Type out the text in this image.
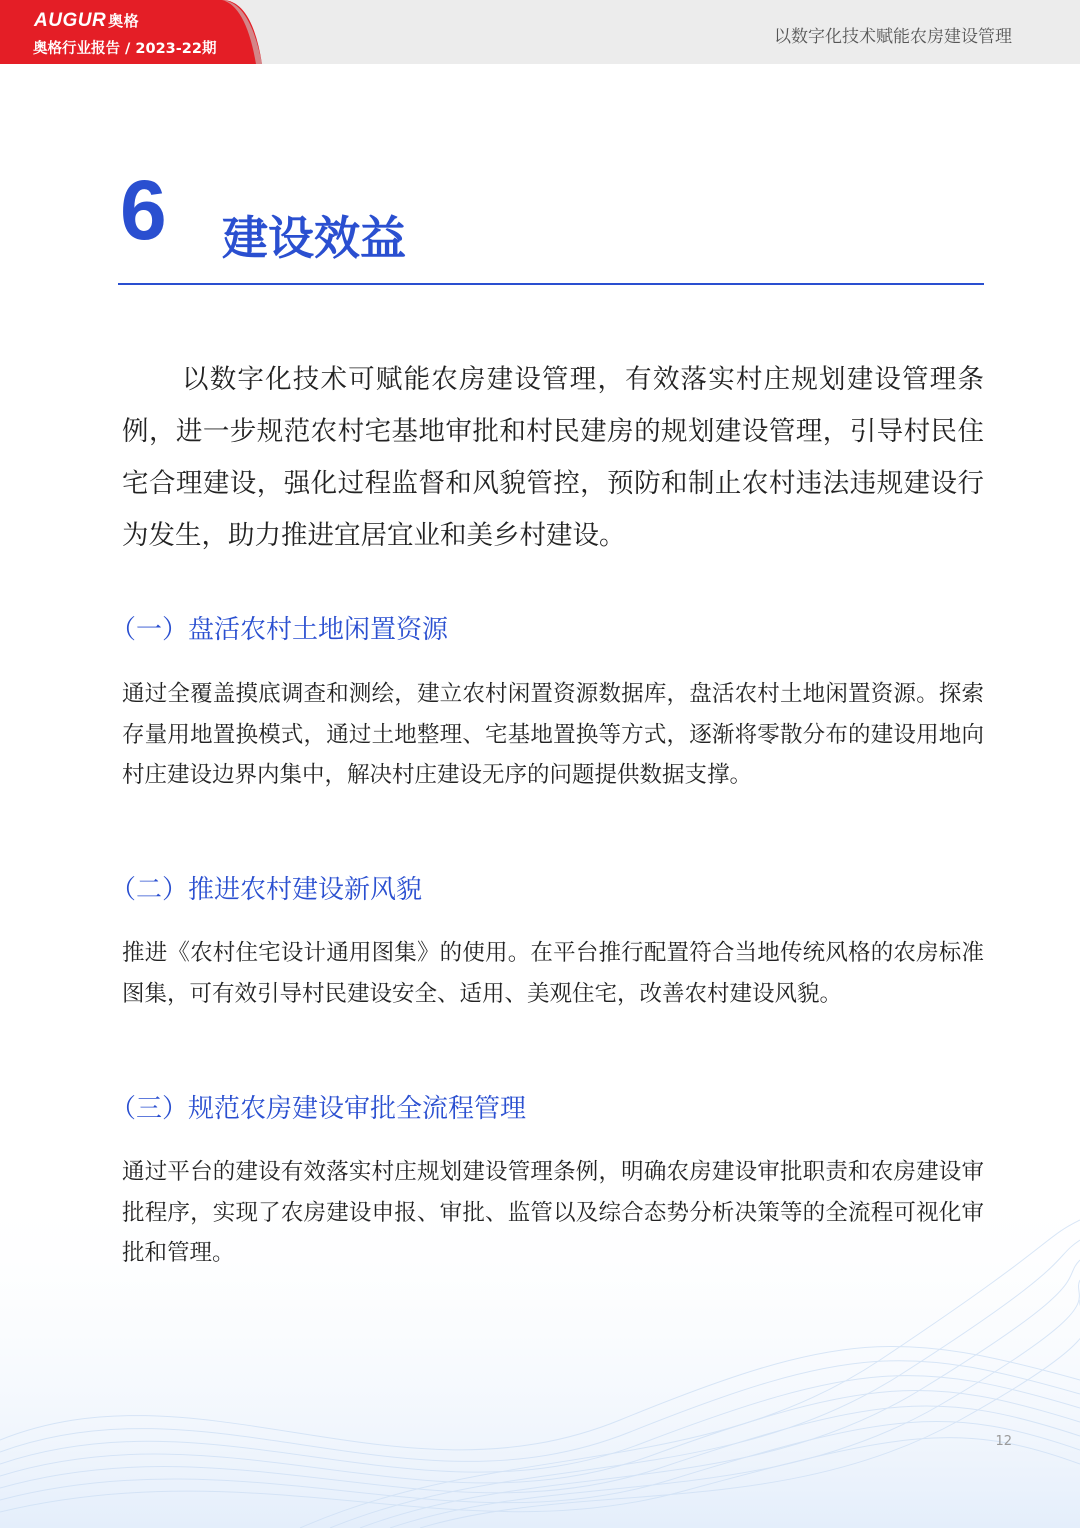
AUGUR 奥格
奥格行业报告 / 2023-22期
以数字化技术赋能农房建设管理
6 建设效益

以数字化技术可赋能农房建设管理，有效落实村庄规划建设管理条例，进一步规范农村宅基地审批和村民建房的规划建设管理，引导村民住宅合理建设，强化过程监督和风貌管控，预防和制止农村违法违规建设行为发生，助力推进宜居宜业和美乡村建设。

（一）盘活农村土地闲置资源

通过全覆盖摸底调查和测绘，建立农村闲置资源数据库，盘活农村土地闲置资源。探索存量用地置换模式，通过土地整理、宅基地置换等方式，逐渐将零散分布的建设用地向村庄建设边界内集中，解决村庄建设无序的问题提供数据支撑。

（二）推进农村建设新风貌

推进《农村住宅设计通用图集》的使用。在平台推行配置符合当地传统风格的农房标准图集，可有效引导村民建设安全、适用、美观住宅，改善农村建设风貌。

（三）规范农房建设审批全流程管理

通过平台的建设有效落实村庄规划建设管理条例，明确农房建设审批职责和农房建设审批程序，实现了农房建设申报、审批、监管以及综合态势分析决策等的全流程可视化审批和管理。

12
